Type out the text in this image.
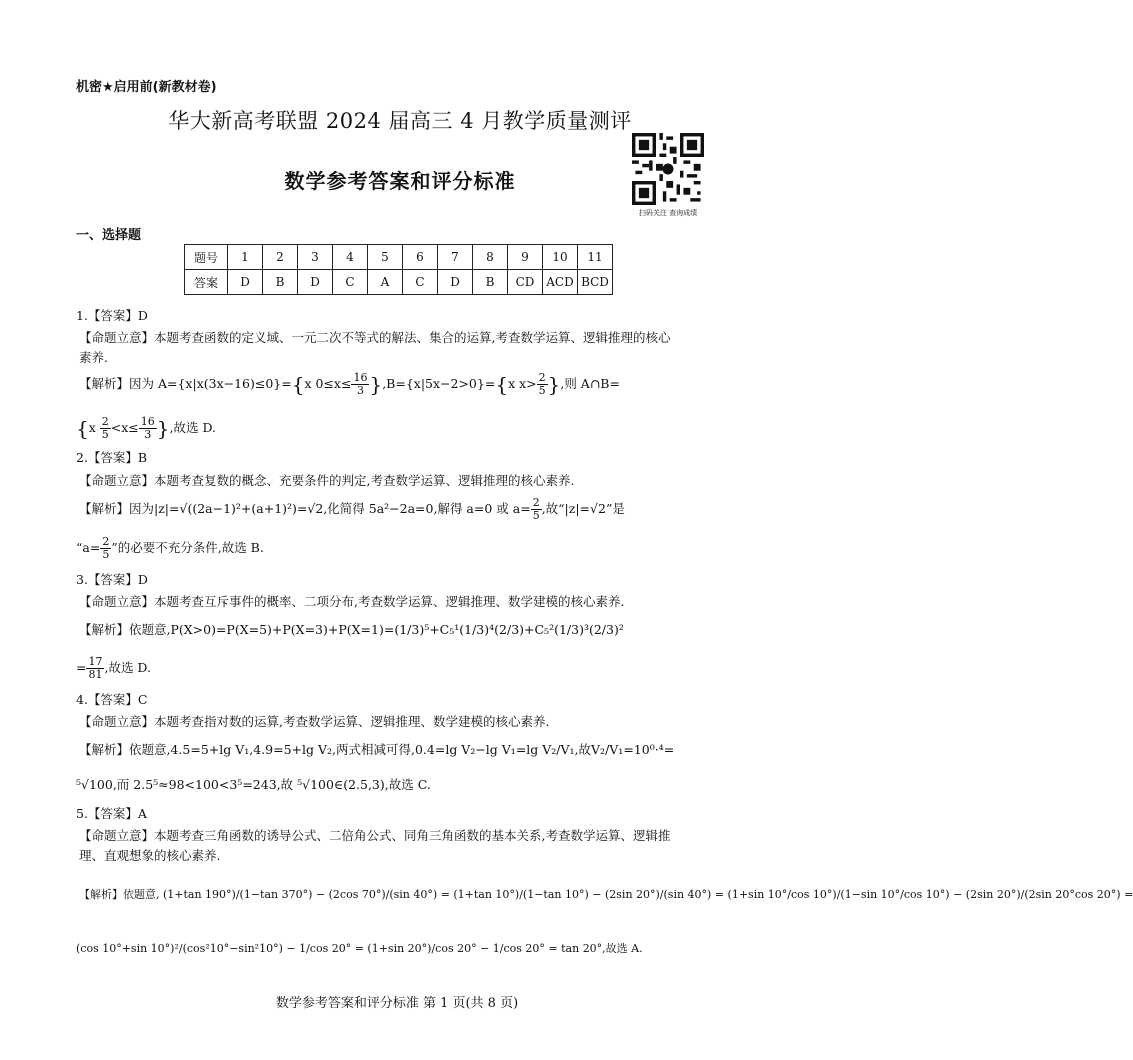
机密★启用前(新教材卷)
华大新高考联盟 2024 届高三 4 月教学质量测评
数学参考答案和评分标准
扫码关注 查询成绩
一、选择题
题号	1	2	3	4	5	6	7	8	9	10	11
答案	D	B	D	C	A	C	D	B	CD	ACD	BCD
1.【答案】D
【命题立意】本题考查函数的定义域、一元二次不等式的解法、集合的运算,考查数学运算、逻辑推理的核心
素养.
【解析】因为 A={x|x(3x−16)≤0}={x $0\le x\le \frac{16}{3} \},B=\{x|5x-2>0\}=\{x$ $x> \frac{2}{5}$ },则 A∩B=
{$x \frac{2}{5} <x\le \frac{16}{3}$ },故选 D.
2.【答案】B
【命题立意】本题考查复数的概念、充要条件的判定,考查数学运算、逻辑推理的核心素养.
【解析】因为|z|=√((2a−1)²+(a+1)²)=√2,化简得 5a²−2a=0,解得 a=0 或 $a= \frac{2}{5}$ ,故“|z|=√2”是
“$a= \frac{2}{5}$ ”的必要不充分条件,故选 B.
3.【答案】D
【命题立意】本题考查互斥事件的概率、二项分布,考查数学运算、逻辑推理、数学建模的核心素养.
【解析】依题意,P(X>0)=P(X=5)+P(X=3)+P(X=1)=(1/3)⁵+C₅¹(1/3)⁴(2/3)+C₅²(1/3)³(2/3)²
= $\frac{17}{81}$ ,故选 D.
4.【答案】C
【命题立意】本题考查指对数的运算,考查数学运算、逻辑推理、数学建模的核心素养.
【解析】依题意,4.5=5+lg V₁,4.9=5+lg V₂,两式相减可得,0.4=lg V₂−lg V₁=lg V₂/V₁,故V₂/V₁=10⁰·⁴=
⁵√100,而 2.5⁵≈98<100<3⁵=243,故 ⁵√100∈(2.5,3),故选 C.
5.【答案】A
【命题立意】本题考查三角函数的诱导公式、二倍角公式、同角三角函数的基本关系,考查数学运算、逻辑推
理、直观想象的核心素养.
【解析】依题意, (1+tan 190°)/(1−tan 370°) − (2cos 70°)/(sin 40°) = (1+tan 10°)/(1−tan 10°) − (2sin 20°)/(sin 40°) = (1+sin 10°/cos 10°)/(1−sin 10°/cos 10°) − (2sin 20°)/(2sin 20°cos 20°) =
(cos 10°+sin 10°)²/(cos²10°−sin²10°) − 1/cos 20° = (1+sin 20°)/cos 20° − 1/cos 20° = tan 20°,故选 A.
数学参考答案和评分标准 第 1 页(共 8 页)
